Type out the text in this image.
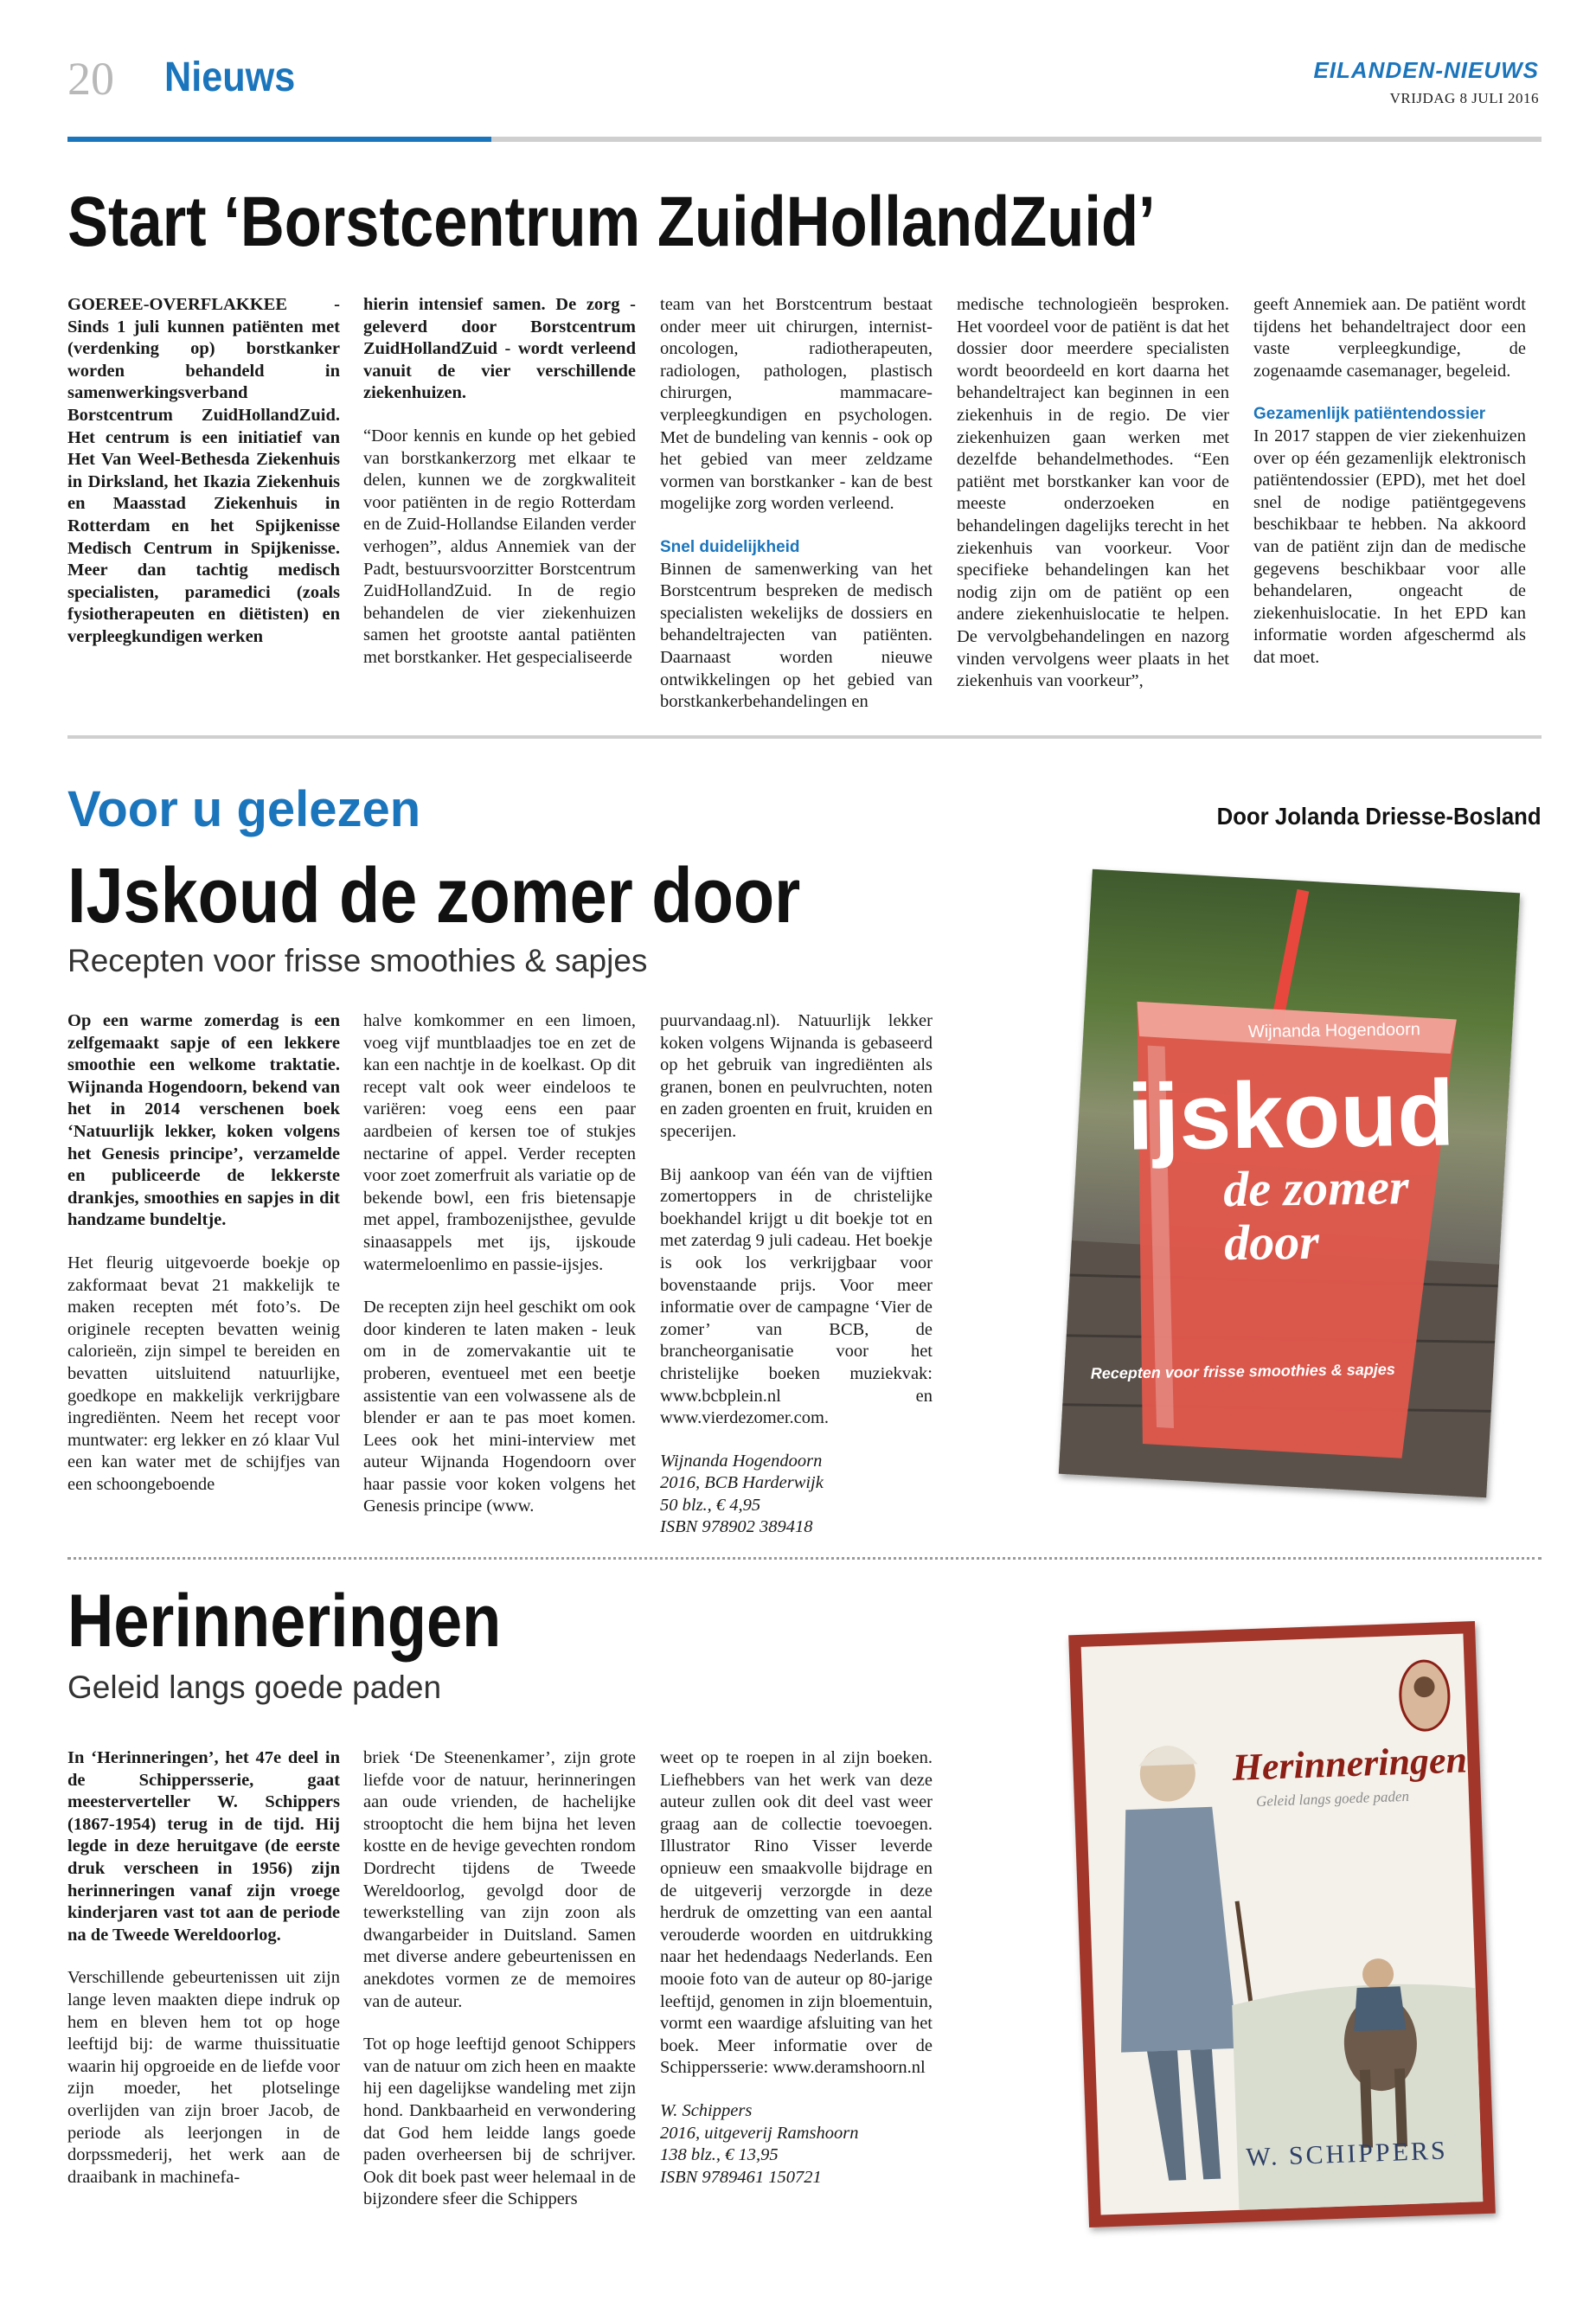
20 Nieuws	EILANDEN-NIEUWS
VRIJDAG 8 JULI 2016
Start ‘Borstcentrum ZuidHollandZuid’

GOEREE-OVERFLAKKEE - Sinds 1 juli kunnen patiënten met (verdenking op) borstkanker worden behandeld in samenwerkingsverband Borstcentrum ZuidHollandZuid. Het centrum is een initiatief van Het Van Weel-Bethesda Ziekenhuis in Dirksland, het Ikazia Ziekenhuis en Maasstad Ziekenhuis in Rotterdam en het Spijkenisse Medisch Centrum in Spijkenisse. Meer dan tachtig medisch specialisten, paramedici (zoals fysiotherapeuten en diëtisten) en verpleegkundigen werken

hierin intensief samen. De zorg - geleverd door Borstcentrum ZuidHollandZuid - wordt verleend vanuit de vier verschillende ziekenhuizen.

“Door kennis en kunde op het gebied van borstkankerzorg met elkaar te delen, kunnen we de zorgkwaliteit voor patiënten in de regio Rotterdam en de Zuid-Hollandse Eilanden verder verhogen”, aldus Annemiek van der Padt, bestuursvoorzitter Borstcentrum ZuidHollandZuid. In de regio behandelen de vier ziekenhuizen samen het grootste aantal patiënten met borstkanker. Het gespecialiseerde

team van het Borstcentrum bestaat onder meer uit chirurgen, internist-oncologen, radiotherapeuten, radiologen, pathologen, plastisch chirurgen, mammacare-verpleegkundigen en psychologen. Met de bundeling van kennis - ook op het gebied van meer zeldzame vormen van borstkanker - kan de best mogelijke zorg worden verleend.

Snel duidelijkheid

Binnen de samenwerking van het Borstcentrum bespreken de medisch specialisten wekelijks de dossiers en behandeltrajecten van patiënten. Daarnaast worden nieuwe ontwikkelingen op het gebied van borstkankerbehandelingen en

medische technologieën besproken. Het voordeel voor de patiënt is dat het dossier door meerdere specialisten wordt beoordeeld en kort daarna het behandeltraject kan beginnen in een ziekenhuis in de regio. De vier ziekenhuizen gaan werken met dezelfde behandelmethodes. “Een patiënt met borstkanker kan voor de meeste onderzoeken en behandelingen dagelijks terecht in het ziekenhuis van voorkeur. Voor specifieke behandelingen kan het nodig zijn om de patiënt op een andere ziekenhuislocatie te helpen. De vervolgbehandelingen en nazorg vinden vervolgens weer plaats in het ziekenhuis van voorkeur”,

geeft Annemiek aan. De patiënt wordt tijdens het behandeltraject door een vaste verpleegkundige, de zogenaamde casemanager, begeleid.

Gezamenlijk patiëntendossier

In 2017 stappen de vier ziekenhuizen over op één gezamenlijk elektronisch patiëntendossier (EPD), met het doel snel de nodige patiëntgegevens beschikbaar te hebben. Na akkoord van de patiënt zijn dan de medische gegevens beschikbaar voor alle behandelaren, ongeacht de ziekenhuislocatie. In het EPD kan informatie worden afgeschermd als dat moet.

Voor u gelezen	Door Jolanda Driesse-Bosland
IJskoud de zomer door
Recepten voor frisse smoothies & sapjes

Op een warme zomerdag is een zelfgemaakt sapje of een lekkere smoothie een welkome traktatie. Wijnanda Hogendoorn, bekend van het in 2014 verschenen boek ‘Natuurlijk lekker, koken volgens het Genesis principe’, verzamelde en publiceerde de lekkerste drankjes, smoothies en sapjes in dit handzame bundeltje.

Het fleurig uitgevoerde boekje op zakformaat bevat 21 makkelijk te maken recepten mét foto’s. De originele recepten bevatten weinig calorieën, zijn simpel te bereiden en bevatten uitsluitend natuurlijke, goedkope en makkelijk verkrijgbare ingrediënten. Neem het recept voor muntwater: erg lekker en zó klaar Vul een kan water met de schijfjes van een schoongeboende

halve komkommer en een limoen, voeg vijf muntblaadjes toe en zet de kan een nachtje in de koelkast. Op dit recept valt ook weer eindeloos te variëren: voeg eens een paar aardbeien of kersen toe of stukjes nectarine of appel. Verder recepten voor zoet zomerfruit als variatie op de bekende bowl, een fris bietensapje met appel, frambozenijsthee, gevulde sinaasappels met ijs, ijskoude watermeloenlimo en passie-ijsjes.

De recepten zijn heel geschikt om ook door kinderen te laten maken - leuk om in de zomervakantie uit te proberen, eventueel met een beetje assistentie van een volwassene als de blender er aan te pas moet komen. Lees ook het mini-interview met auteur Wijnanda Hogendoorn over haar passie voor koken volgens het Genesis principe (www.

puurvandaag.nl). Natuurlijk lekker koken volgens Wijnanda is gebaseerd op het gebruik van ingrediënten als granen, bonen en peulvruchten, noten en zaden groenten en fruit, kruiden en specerijen.

Bij aankoop van één van de vijftien zomertoppers in de christelijke boekhandel krijgt u dit boekje tot en met zaterdag 9 juli cadeau. Het boekje is ook los verkrijgbaar voor bovenstaande prijs. Voor meer informatie over de campagne ‘Vier de zomer’ van BCB, de brancheorganisatie voor het christelijke boeken muziekvak: www.bcbplein.nl en www.vierdezomer.com.

Wijnanda Hogendoorn
2016, BCB Harderwijk
50 blz., € 4,95
ISBN 978902 389418
Wijnanda Hogendoorn
ijskoud
de zomer door
Recepten voor frisse smoothies & sapjes
Herinneringen
Geleid langs goede paden

In ‘Herinneringen’, het 47e deel in de Schippersserie, gaat meesterverteller W. Schippers (1867-1954) terug in de tijd. Hij legde in deze heruitgave (de eerste druk verscheen in 1956) zijn herinneringen vanaf zijn vroege kinderjaren vast tot aan de periode na de Tweede Wereldoorlog.

Verschillende gebeurtenissen uit zijn lange leven maakten diepe indruk op hem en bleven hem tot op hoge leeftijd bij: de warme thuissituatie waarin hij opgroeide en de liefde voor zijn moeder, het plotselinge overlijden van zijn broer Jacob, de periode als leerjongen in de dorpssmederij, het werk aan de draaibank in machinefa-

briek ‘De Steenenkamer’, zijn grote liefde voor de natuur, herinneringen aan oude vrienden, de hachelijke strooptocht die hem bijna het leven kostte en de hevige gevechten rondom Dordrecht tijdens de Tweede Wereldoorlog, gevolgd door de tewerkstelling van zijn zoon als dwangarbeider in Duitsland. Samen met diverse andere gebeurtenissen en anekdotes vormen ze de memoires van de auteur.

Tot op hoge leeftijd genoot Schippers van de natuur om zich heen en maakte hij een dagelijkse wandeling met zijn hond. Dankbaarheid en verwondering dat God hem leidde langs goede paden overheersen bij de schrijver. Ook dit boek past weer helemaal in de bijzondere sfeer die Schippers

weet op te roepen in al zijn boeken. Liefhebbers van het werk van deze auteur zullen ook dit deel vast weer graag aan de collectie toevoegen. Illustrator Rino Visser leverde opnieuw een smaakvolle bijdrage en de uitgeverij verzorgde in deze herdruk de omzetting van een aantal verouderde woorden en uitdrukking naar het hedendaags Nederlands. Een mooie foto van de auteur op 80-jarige leeftijd, genomen in zijn bloementuin, vormt een waardige afsluiting van het boek. Meer informatie over de Schippersserie: www.deramshoorn.nl

W. Schippers
2016, uitgeverij Ramshoorn
138 blz., € 13,95
ISBN 9789461 150721
Herinneringen
Geleid langs goede paden
W. SCHIPPERS
